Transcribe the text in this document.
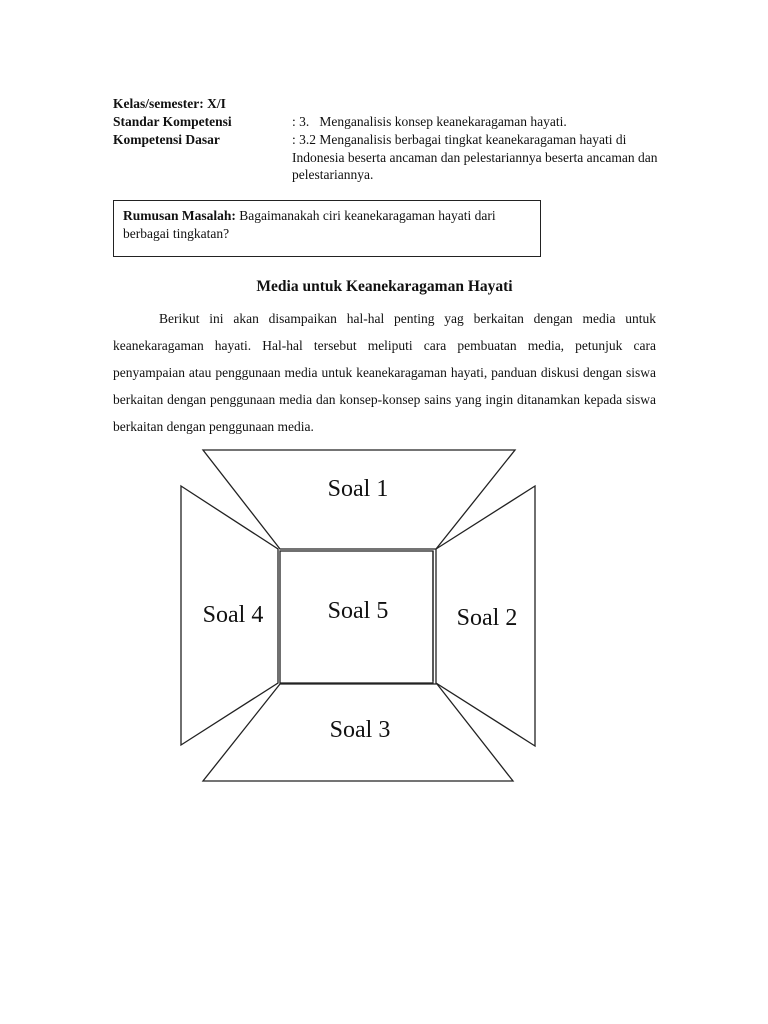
Kelas/semester: X/I
Standar Kompetensi	: 3.   Menganalisis konsep keanekaragaman hayati.
Kompetensi Dasar	: 3.2 Menganalisis berbagai tingkat keanekaragaman hayati di Indonesia beserta ancaman dan pelestariannya beserta ancaman dan pelestariannya.
Rumusan Masalah: Bagaimanakah ciri keanekaragaman hayati dari berbagai tingkatan?
Media untuk Keanekaragaman Hayati

Berikut ini akan disampaikan hal-hal penting yag berkaitan dengan media untuk keanekaragaman hayati. Hal-hal tersebut meliputi cara pembuatan media, petunjuk cara penyampaian atau penggunaan media untuk keanekaragaman hayati, panduan diskusi dengan siswa berkaitan dengan penggunaan media dan konsep-konsep sains yang ingin ditanamkan kepada siswa berkaitan dengan penggunaan media.

Soal 1
Soal 2
Soal 3
Soal 4	Soal 5
